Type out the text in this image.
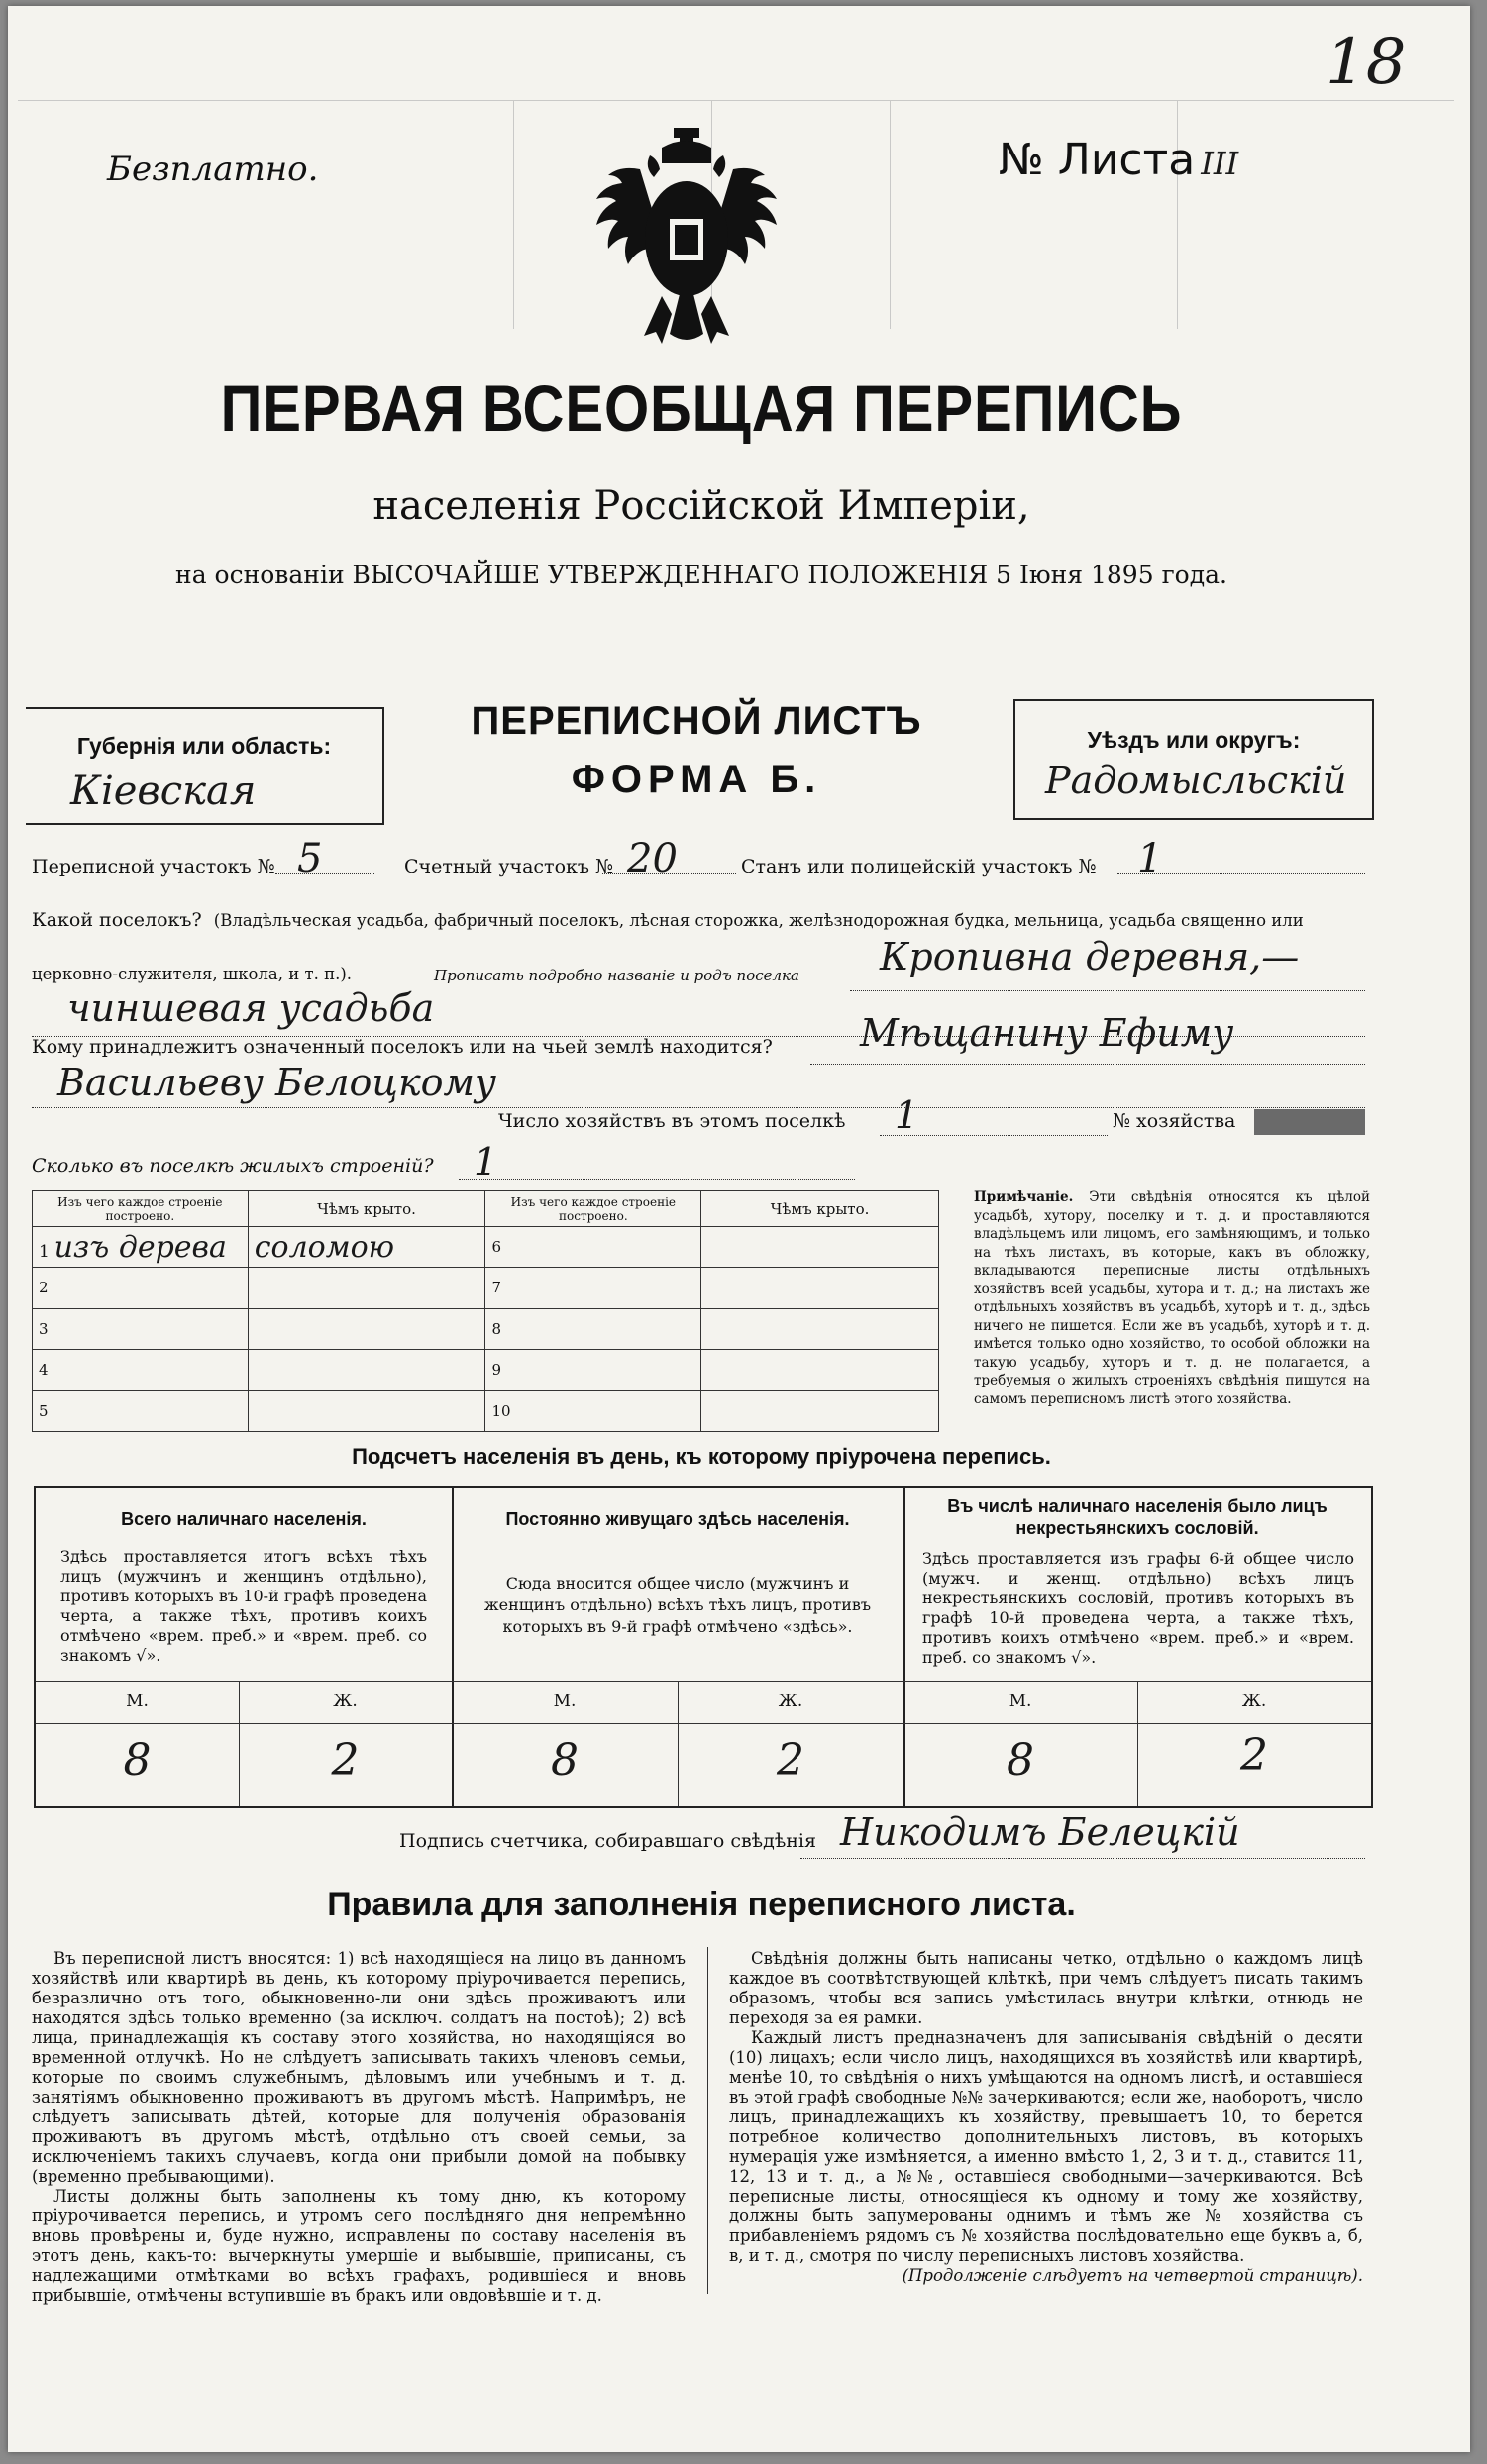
Безплатно.	№ Листа III
18
ПЕРВАЯ ВСЕОБЩАЯ ПЕРЕПИСЬ
населенія Россійской Имперіи,
на основаніи ВЫСОЧАЙШЕ УТВЕРЖДЕННАГО ПОЛОЖЕНІЯ 5 Іюня 1895 года.
Губернія или область:
Кіевская
ПЕРЕПИСНОЙ ЛИСТЪ
ФОРМА Б.
Уѣздъ или округъ:
Радомысльскій
Переписной участокъ № 5	Счетный участокъ № 20	Станъ или полицейскій участокъ № 1
Какой поселокъ? (Владѣльческая усадьба, фабричный поселокъ, лѣсная сторожка, желѣзнодорожная будка, мельница, усадьба священно или
церковно-служителя, школа, и т. п.).	Прописать подробно названіе и родъ поселка Кропивна деревня,—
чиншевая усадьба
Кому принадлежитъ означенный поселокъ или на чьей землѣ находится? Мѣщанину Ефиму
Васильеву Белоцкому
Число хозяйствъ въ этомъ поселкѣ 1	№ хозяйства
Сколько въ поселкѣ жилыхъ строеній? 1
Изъ чего каждое строеніе построено.	Чѣмъ крыто.	Изъ чего каждое строеніе построено.	Чѣмъ крыто.
1 изъ дерева	соломою	6	
2		7	
3		8	
4		9	
5		10	
Примѣчаніе. Эти свѣдѣнія относятся къ цѣлой усадьбѣ, хутору, поселку и т. д. и проставляются владѣльцемъ или лицомъ, его замѣняющимъ, и только на тѣхъ листахъ, въ которые, какъ въ обложку, вкладываются переписные листы отдѣльныхъ хозяйствъ всей усадьбы, хутора и т. д.; на листахъ же отдѣльныхъ хозяйствъ въ усадьбѣ, хуторѣ и т. д., здѣсь ничего не пишется. Если же въ усадьбѣ, хуторѣ и т. д. имѣется только одно хозяйство, то особой обложки на такую усадьбу, хуторъ и т. д. не полагается, а требуемыя о жилыхъ строеніяхъ свѣдѣнія пишутся на самомъ переписномъ листѣ этого хозяйства.
Подсчетъ населенія въ день, къ которому пріурочена перепись.
Всего наличнаго населенія.
Здѣсь проставляется итогъ всѣхъ тѣхъ лицъ (мужчинъ и женщинъ отдѣльно), противъ которыхъ въ 10-й графѣ проведена черта, а также тѣхъ, противъ коихъ отмѣчено «врем. преб.» и «врем. преб. со знакомъ √».
Постоянно живущаго здѣсь населенія.
Сюда вносится общее число (мужчинъ и женщинъ отдѣльно) всѣхъ тѣхъ лицъ, противъ которыхъ въ 9-й графѣ отмѣчено «здѣсь».
Въ числѣ наличнаго населенія было лицъ некрестьянскихъ сословій.
Здѣсь проставляется изъ графы 6-й общее число (мужч. и женщ. отдѣльно) всѣхъ лицъ некрестьянскихъ сословій, противъ которыхъ въ графѣ 10-й проведена черта, а также тѣхъ, противъ коихъ отмѣчено «врем. преб.» и «врем. преб. со знакомъ √».
М.	Ж.	М.	Ж.	М.	Ж.
8	2	8	2	8	2
Подпись счетчика, собиравшаго свѣдѣнія Никодимъ Белецкій
Правила для заполненія переписного листа.

Въ переписной листъ вносятся: 1) всѣ находящіеся на лицо въ данномъ хозяйствѣ или квартирѣ въ день, къ которому пріурочивается перепись, безразлично отъ того, обыкновенно-ли они здѣсь проживаютъ или находятся здѣсь только временно (за исключ. солдатъ на постоѣ); 2) всѣ лица, принадлежащія къ составу этого хозяйства, но находящіяся во временной отлучкѣ. Но не слѣдуетъ записывать такихъ членовъ семьи, которые по своимъ служебнымъ, дѣловымъ или учебнымъ и т. д. занятіямъ обыкновенно проживаютъ въ другомъ мѣстѣ. Напримѣръ, не слѣдуетъ записывать дѣтей, которые для полученія образованія проживаютъ въ другомъ мѣстѣ, отдѣльно отъ своей семьи, за исключеніемъ такихъ случаевъ, когда они прибыли домой на побывку (временно пребывающими).

Листы должны быть заполнены къ тому дню, къ которому пріурочивается перепись, и утромъ сего послѣдняго дня непремѣнно вновь провѣрены и, буде нужно, исправлены по составу населенія въ этотъ день, какъ-то: вычеркнуты умершіе и выбывшіе, приписаны, съ надлежащими отмѣтками во всѣхъ графахъ, родившіеся и вновь прибывшіе, отмѣчены вступившіе въ бракъ или овдовѣвшіе и т. д.

Свѣдѣнія должны быть написаны четко, отдѣльно о каждомъ лицѣ каждое въ соотвѣтствующей клѣткѣ, при чемъ слѣдуетъ писать такимъ образомъ, чтобы вся запись умѣстилась внутри клѣтки, отнюдь не переходя за ея рамки.

Каждый листъ предназначенъ для записыванія свѣдѣній о десяти (10) лицахъ; если число лицъ, находящихся въ хозяйствѣ или квартирѣ, менѣе 10, то свѣдѣнія о нихъ умѣщаются на одномъ листѣ, и оставшіеся въ этой графѣ свободные №№ зачеркиваются; если же, наоборотъ, число лицъ, принадлежащихъ къ хозяйству, превышаетъ 10, то берется потребное количество дополнительныхъ листовъ, въ которыхъ нумерація уже измѣняется, а именно вмѣсто 1, 2, 3 и т. д., ставится 11, 12, 13 и т. д., а №№, оставшіеся свободными—зачеркиваются. Всѣ переписные листы, относящіеся къ одному и тому же хозяйству, должны быть запумерованы однимъ и тѣмъ же № хозяйства съ прибавленіемъ рядомъ съ № хозяйства послѣдовательно еще буквъ а, б, в, и т. д., смотря по числу переписныхъ листовъ хозяйства.

(Продолженіе слѣдуетъ на четвертой страницѣ).
